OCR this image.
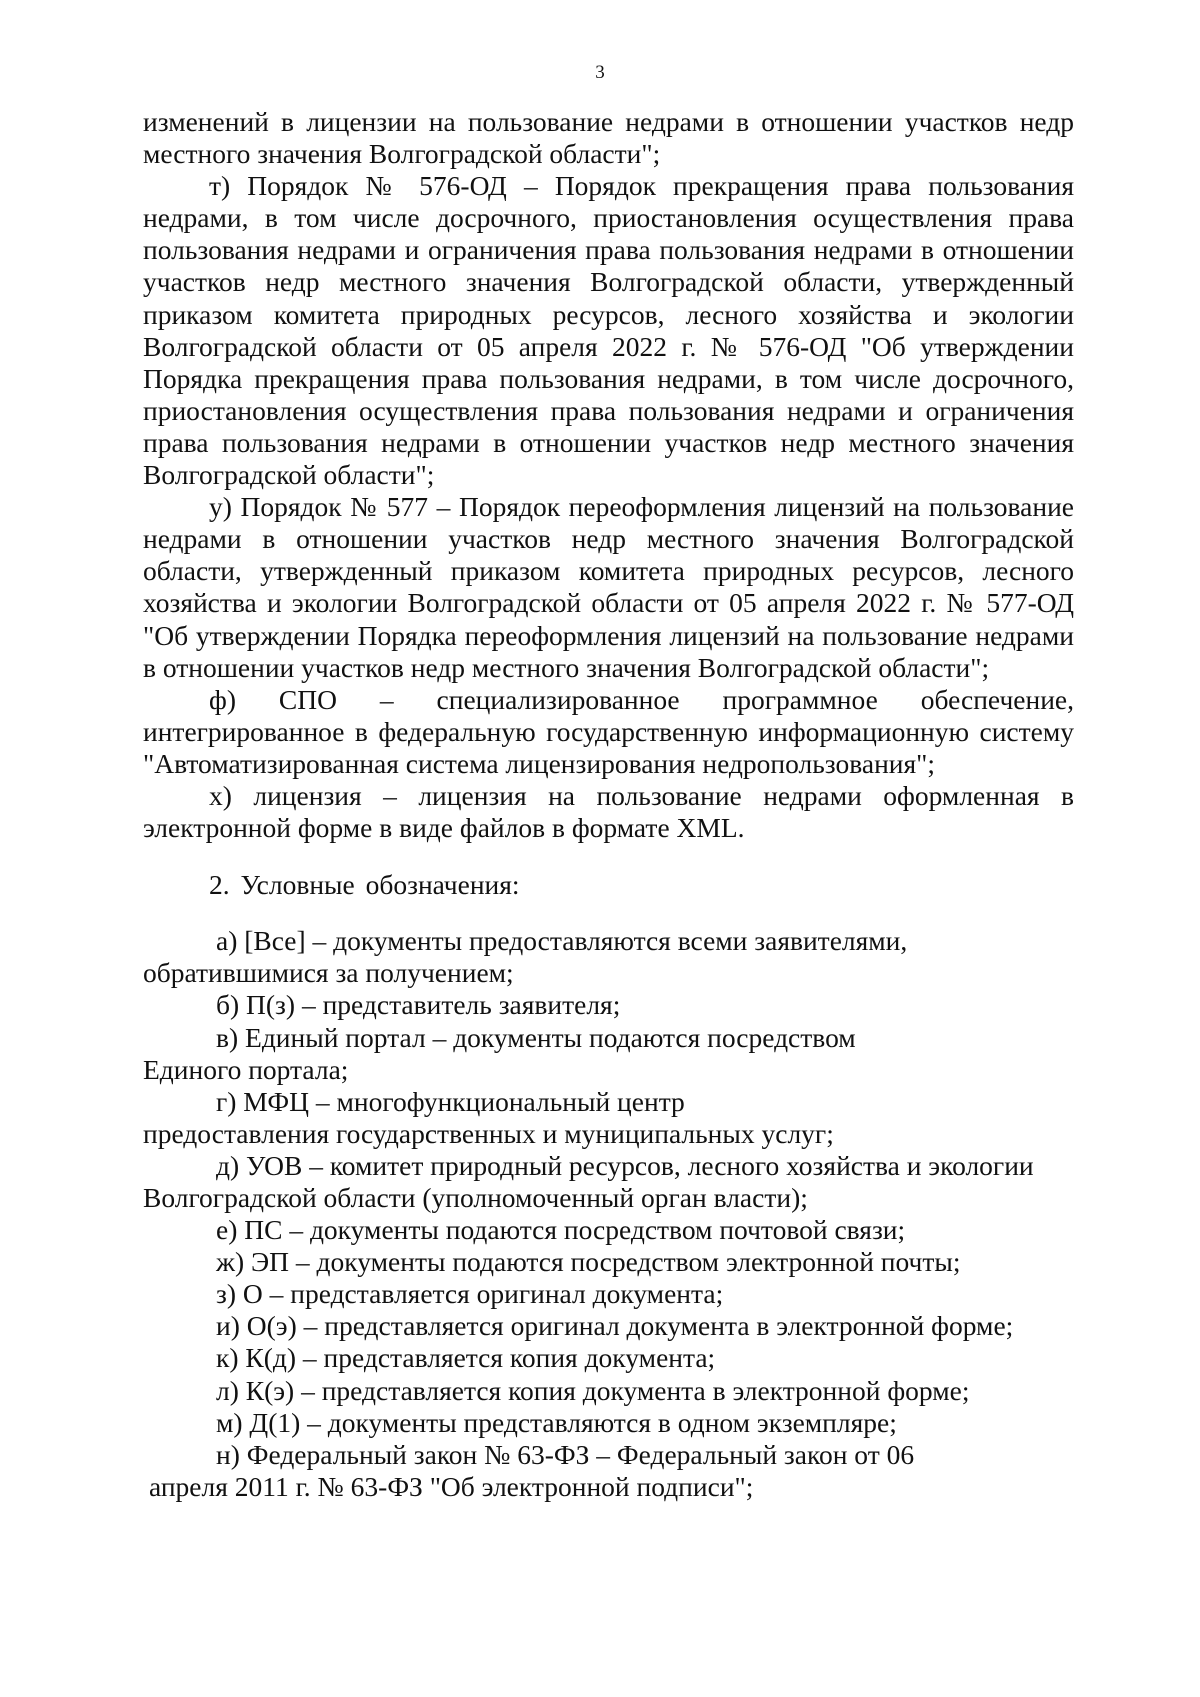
3

изменений в лицензии на пользование недрами в отношении участков недр местного значения Волгоградской области";

т) Порядок № 576-ОД – Порядок прекращения права пользования недрами, в том числе досрочного, приостановления осуществления права пользования недрами и ограничения права пользования недрами в отношении участков недр местного значения Волгоградской области, утвержденный приказом комитета природных ресурсов, лесного хозяйства и экологии Волгоградской области от 05 апреля 2022 г. № 576-ОД "Об утверждении Порядка прекращения права пользования недрами, в том числе досрочного, приостановления осуществления права пользования недрами и ограничения права пользования недрами в отношении участков недр местного значения Волгоградской области";

у) Порядок № 577 – Порядок переоформления лицензий на пользование недрами в отношении участков недр местного значения Волгоградской области, утвержденный приказом комитета природных ресурсов, лесного хозяйства и экологии Волгоградской области от 05 апреля 2022 г. № 577-ОД "Об утверждении Порядка переоформления лицензий на пользование недрами в отношении участков недр местного значения Волгоградской области";

ф) СПО – специализированное программное обеспечение, интегрированное в федеральную государственную информационную систему "Автоматизированная система лицензирования недропользования";

х) лицензия – лицензия на пользование недрами оформленная в электронной форме в виде файлов в формате XML.

2. Условные обозначения:

а) [Все] – документы предоставляются всеми заявителями, обратившимися за получением;

б) П(з) – представитель заявителя;

в) Единый портал – документы подаются посредством Единого портала;

г) МФЦ – многофункциональный центр предоставления государственных и муниципальных услуг;

д) УОВ – комитет природный ресурсов, лесного хозяйства и экологии Волгоградской области (уполномоченный орган власти);

е) ПС – документы подаются посредством почтовой связи;

ж) ЭП – документы подаются посредством электронной почты;

з) О – представляется оригинал документа;

и) О(э) – представляется оригинал документа в электронной форме;

к) К(д) – представляется копия документа;

л) К(э) – представляется копия документа в электронной форме;

м) Д(1) – документы представляются в одном экземпляре;

н) Федеральный закон № 63-ФЗ – Федеральный закон от 06 апреля 2011 г. № 63-ФЗ "Об электронной подписи";
